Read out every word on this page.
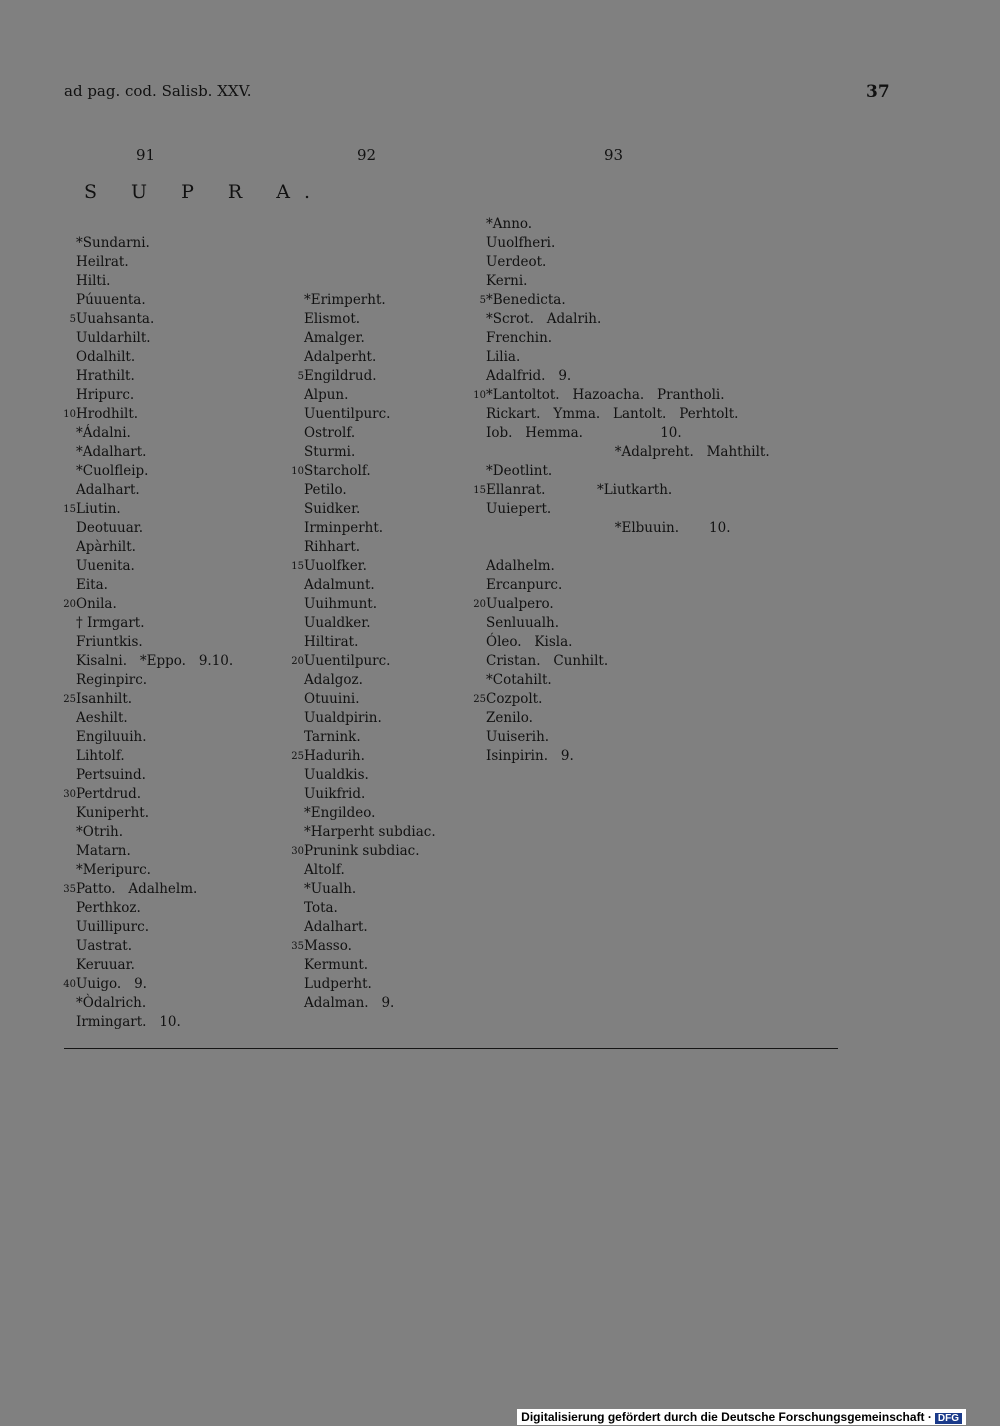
ad pag. cod. Salisb. XXV.	37
91	92	93
S U P R A.
*Sundarni.
Heilrat.
Hilti.
Púuuenta.
5 Uuahsanta.
Uuldarhilt.
Odalhilt.
Hrathilt.
Hripurc.
10 Hrodhilt.
*Ádalni.
*Adalhart.
*Cuolfleip.
Adalhart.
15 Liutin.
Deotuuar.
Apàrhilt.
Uuenita.
Eita.
20 Onila.
† Irmgart.
Friuntkis.
Kisalni.   *Eppo.   9.10.
Reginpirc.
25 Isanhilt.
Aeshilt.
Engiluuih.
Lihtolf.
Pertsuind.
30 Pertdrud.
Kuniperht.
*Otrih.
Matarn.
*Meripurc.
35 Patto.   Adalhelm.
Perthkoz.
Uuillipurc.
Uastrat.
Keruuar.
40 Uuigo.   9.
*Òdalrich.
Irmingart.   10.
*Erimperht.
Elismot.
Amalger.
Adalperht.
5 Engildrud.
Alpun.
Uuentilpurc.
Ostrolf.
Sturmi.
10 Starcholf.
Petilo.
Suidker.
Irminperht.
Rihhart.
15 Uuolfker.
Adalmunt.
Uuihmunt.
Uualdker.
Hiltirat.
20 Uuentilpurc.
Adalgoz.
Otuuini.
Uualdpirin.
Tarnink.
25 Hadurih.
Uualdkis.
Uuikfrid.
*Engildeo.
*Harperht subdiac.
30 Prunink subdiac.
Altolf.
*Uualh.
Tota.
Adalhart.
35 Masso.
Kermunt.
Ludperht.
Adalman.   9.
*Anno.
Uuolfheri.
Uerdeot.
Kerni.
5 *Benedicta.
*Scrot.   Adalrih.
Frenchin.
Lilia.
Adalfrid.   9.
10 *Lantoltot.   Hazoacha.   Prantholi.
Rickart.   Ymma.   Lantolt.   Perhtolt.
Iob.   Hemma.                  10.
*Adalpreht.   Mahthilt.
*Deotlint.
15 Ellanrat.            *Liutkarth.
Uuiepert.
*Elbuuin.       10.
Adalhelm.
Ercanpurc.
20 Uualpero.
Senluualh.
Óleo.   Kisla.
Cristan.   Cunhilt.
*Cotahilt.
25 Cozpolt.
Zenilo.
Uuiserih.
Isinpirin.   9.
Digitalisierung gefördert durch die Deutsche Forschungsgemeinschaft · DFG
